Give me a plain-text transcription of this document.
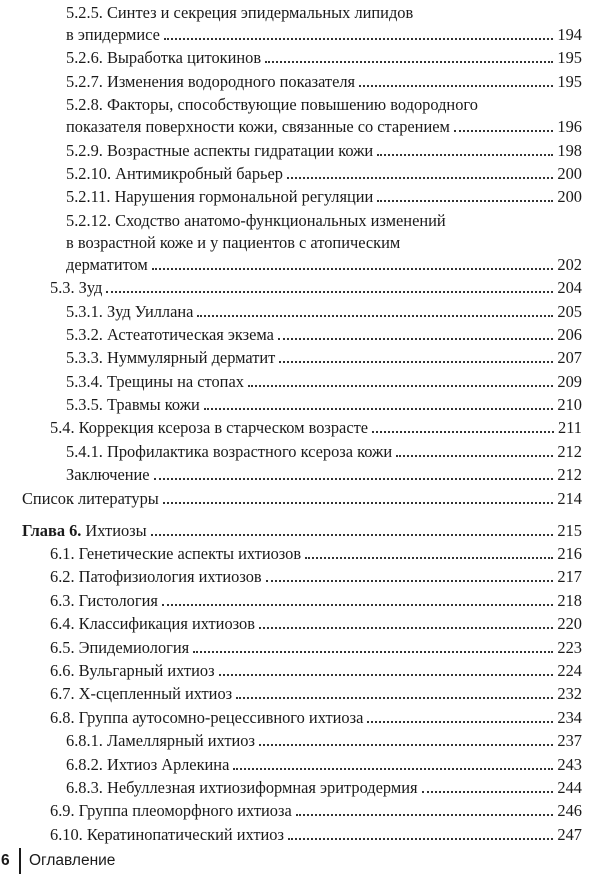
5.2.5. Синтез и секреция эпидермальных липидов
в эпидермисе	194
5.2.6. Выработка цитокинов	195
5.2.7. Изменения водородного показателя	195
5.2.8. Факторы, способствующие повышению водородного
показателя поверхности кожи, связанные со старением	196
5.2.9. Возрастные аспекты гидратации кожи	198
5.2.10. Антимикробный барьер	200
5.2.11. Нарушения гормональной регуляции	200
5.2.12. Сходство анатомо-функциональных изменений
в возрастной коже и у пациентов с атопическим
дерматитом	202
5.3. Зуд	204
5.3.1. Зуд Уиллана	205
5.3.2. Астеатотическая экзема	206
5.3.3. Нуммулярный дерматит	207
5.3.4. Трещины на стопах	209
5.3.5. Травмы кожи	210
5.4. Коррекция ксероза в старческом возрасте	211
5.4.1. Профилактика возрастного ксероза кожи	212
Заключение	212
Список литературы	214
Глава 6. Ихтиозы	215
6.1. Генетические аспекты ихтиозов	216
6.2. Патофизиология ихтиозов	217
6.3. Гистология	218
6.4. Классификация ихтиозов	220
6.5. Эпидемиология	223
6.6. Вульгарный ихтиоз	224
6.7. Х-сцепленный ихтиоз	232
6.8. Группа аутосомно-рецессивного ихтиоза	234
6.8.1. Ламеллярный ихтиоз	237
6.8.2. Ихтиоз Арлекина	243
6.8.3. Небуллезная ихтиозиформная эритродермия	244
6.9. Группа плеоморфного ихтиоза	246
6.10. Кератинопатический ихтиоз	247
6	Оглавление
